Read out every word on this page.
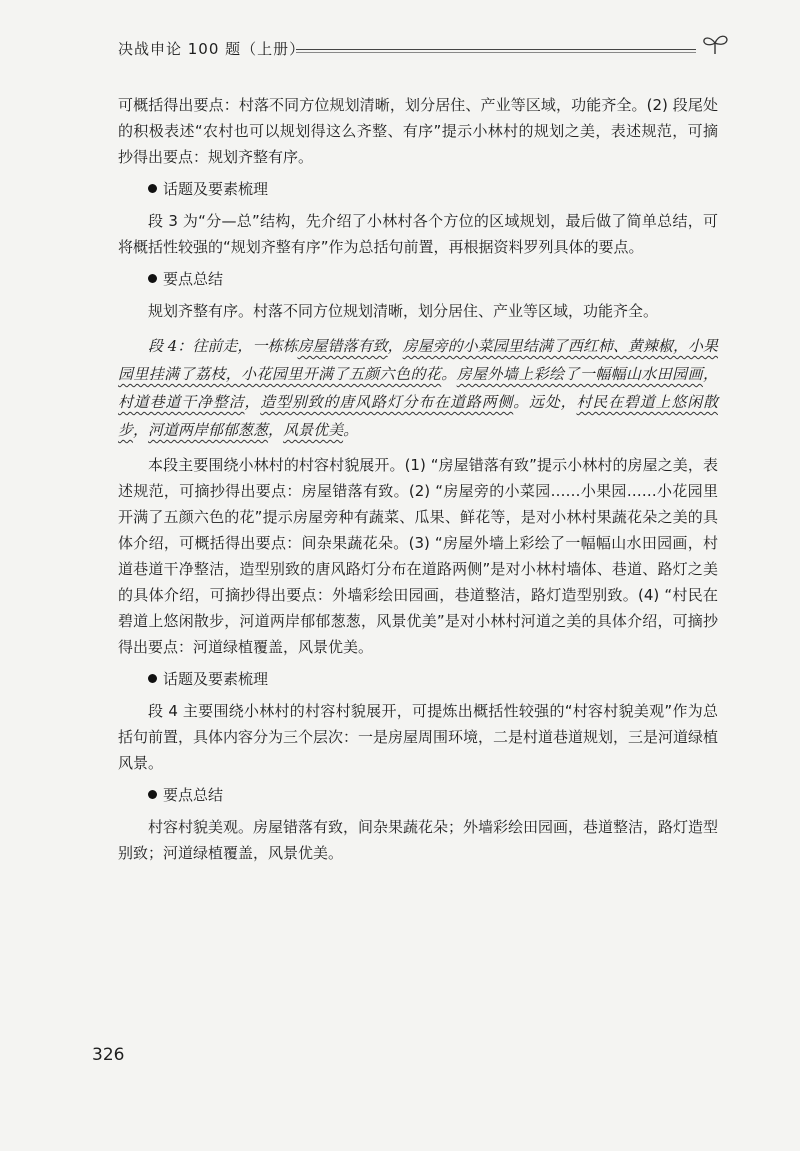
决战申论 100 题（上册）

可概括得出要点：村落不同方位规划清晰，划分居住、产业等区域，功能齐全。(2) 段尾处的积极表述“农村也可以规划得这么齐整、有序”提示小林村的规划之美，表述规范，可摘抄得出要点：规划齐整有序。

话题及要素梳理

段 3 为“分—总”结构，先介绍了小林村各个方位的区域规划，最后做了简单总结，可将概括性较强的“规划齐整有序”作为总括句前置，再根据资料罗列具体的要点。

要点总结

规划齐整有序。村落不同方位规划清晰，划分居住、产业等区域，功能齐全。

段 4：往前走，一栋栋房屋错落有致，房屋旁的小菜园里结满了西红柿、黄辣椒，小果园里挂满了荔枝，小花园里开满了五颜六色的花。房屋外墙上彩绘了一幅幅山水田园画，村道巷道干净整洁，造型别致的唐风路灯分布在道路两侧。远处，村民在碧道上悠闲散步，河道两岸郁郁葱葱，风景优美。

本段主要围绕小林村的村容村貌展开。(1) “房屋错落有致”提示小林村的房屋之美，表述规范，可摘抄得出要点：房屋错落有致。(2) “房屋旁的小菜园……小果园……小花园里开满了五颜六色的花”提示房屋旁种有蔬菜、瓜果、鲜花等，是对小林村果蔬花朵之美的具体介绍，可概括得出要点：间杂果蔬花朵。(3) “房屋外墙上彩绘了一幅幅山水田园画，村道巷道干净整洁，造型别致的唐风路灯分布在道路两侧”是对小林村墙体、巷道、路灯之美的具体介绍，可摘抄得出要点：外墙彩绘田园画，巷道整洁，路灯造型别致。(4) “村民在碧道上悠闲散步，河道两岸郁郁葱葱，风景优美”是对小林村河道之美的具体介绍，可摘抄得出要点：河道绿植覆盖，风景优美。

话题及要素梳理

段 4 主要围绕小林村的村容村貌展开，可提炼出概括性较强的“村容村貌美观”作为总括句前置，具体内容分为三个层次：一是房屋周围环境，二是村道巷道规划，三是河道绿植风景。

要点总结

村容村貌美观。房屋错落有致，间杂果蔬花朵；外墙彩绘田园画，巷道整洁，路灯造型别致；河道绿植覆盖，风景优美。

326
